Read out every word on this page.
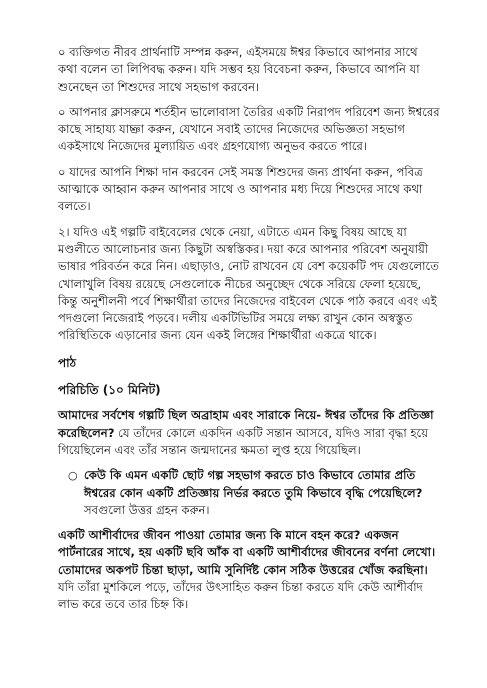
০ ব্যক্তিগত নীরব প্রার্থনাটি সম্পন্ন করুন, এইসময়ে ঈশ্বর কিভাবে আপনার সাথে কথা বলেন তা লিপিবদ্ধ করুন। যদি সম্ভব হয় বিবেচনা করুন, কিভাবে আপনি যা শুনেছেন তা শিশুদের সাথে সহভাগ করবেন।

০ আপনার ক্লাসরুমে শর্তহীন ভালোবাসা তৈরির একটি নিরাপদ পরিবেশ জন্য ঈশ্বরের কাছে সাহায্য যাচ্ঞা করুন, যেখানে সবাই তাদের নিজেদের অভিজ্ঞতা সহভাগ একইসাথে নিজেদের মুল্যায়িত এবং গ্রহণযোগ্য অনুভব করতে পারে।

০ যাদের আপনি শিক্ষা দান করবেন সেই সমস্ত শিশুদের জন্য প্রার্থনা করুন, পবিত্র আত্মাকে আহ্বান করুন আপনার সাথে ও আপনার মধ্য দিয়ে শিশুদের সাথে কথা বলতে।

২। যদিও এই গল্পটি বাইবেলের থেকে নেয়া, এটাতে এমন কিছু বিষয় আছে যা মণ্ডলীতে আলোচনার জন্য কিছুটা অস্বস্তিকর। দয়া করে আপনার পরিবেশ অনুযায়ী ভাষার পরিবর্তন করে নিন। এছাড়াও, নোট রাখবেন যে বেশ কয়েকটি পদ যেগুলোতে খোলাখুলি বিষয় রয়েছে সেগুলোকে নীচের অনুচ্ছেদ থেকে সরিয়ে ফেলা হয়েছে, কিন্তু অনুশীলনী পর্বে শিক্ষার্থীরা তাদের নিজেদের বাইবেল থেকে পাঠ করবে এবং এই পদগুলো নিজেরাই পড়বে। দলীয় একটিভিটির সময়ে লক্ষ্য রাখুন কোন অস্বস্তুত পরিস্থিতিকে এড়ানোর জন্য যেন একই লিঙ্গের শিক্ষার্থীরা একত্রে থাকে।

পাঠ

পরিচিতি (১০ মিনিট)

আমাদের সর্বশেষ গল্পটি ছিল অব্রাহাম এবং সারাকে নিয়ে- ঈশ্বর তাঁদের কি প্রতিজ্ঞা করেছিলেন? যে তাঁদের কোলে একদিন একটি সন্তান আসবে, যদিও সারা বৃদ্ধা হয়ে গিয়েছিলেন এবং তাঁর সন্তান জন্মদানের ক্ষমতা লুপ্ত হয়ে গিয়েছিল।

○ কেউ কি এমন একটি ছোট গল্প সহভাগ করতে চাও কিভাবে তোমার প্রতি ঈশ্বরের কোন একটি প্রতিজ্ঞায় নির্ভর করতে তুমি কিভাবে বৃদ্ধি পেয়েছিলে? সবগুলো উত্তর গ্রহন করুন।

একটি আশীর্বাদের জীবন পাওয়া তোমার জন্য কি মানে বহন করে? একজন পার্টনারের সাথে, হয় একটি ছবি আঁক বা একটি আশীর্বাদের জীবনের বর্ণনা লেখো। তোমাদের অকপট চিন্তা ছাড়া, আমি সুনির্দিষ্ট কোন সঠিক উত্তরের খোঁজ করছিনা। যদি তাঁরা মুশকিলে পড়ে, তাঁদের উৎসাহিত করুন চিন্তা করতে যদি কেউ আশীর্বাদ লাভ করে তবে তার চিহ্ন কি।
